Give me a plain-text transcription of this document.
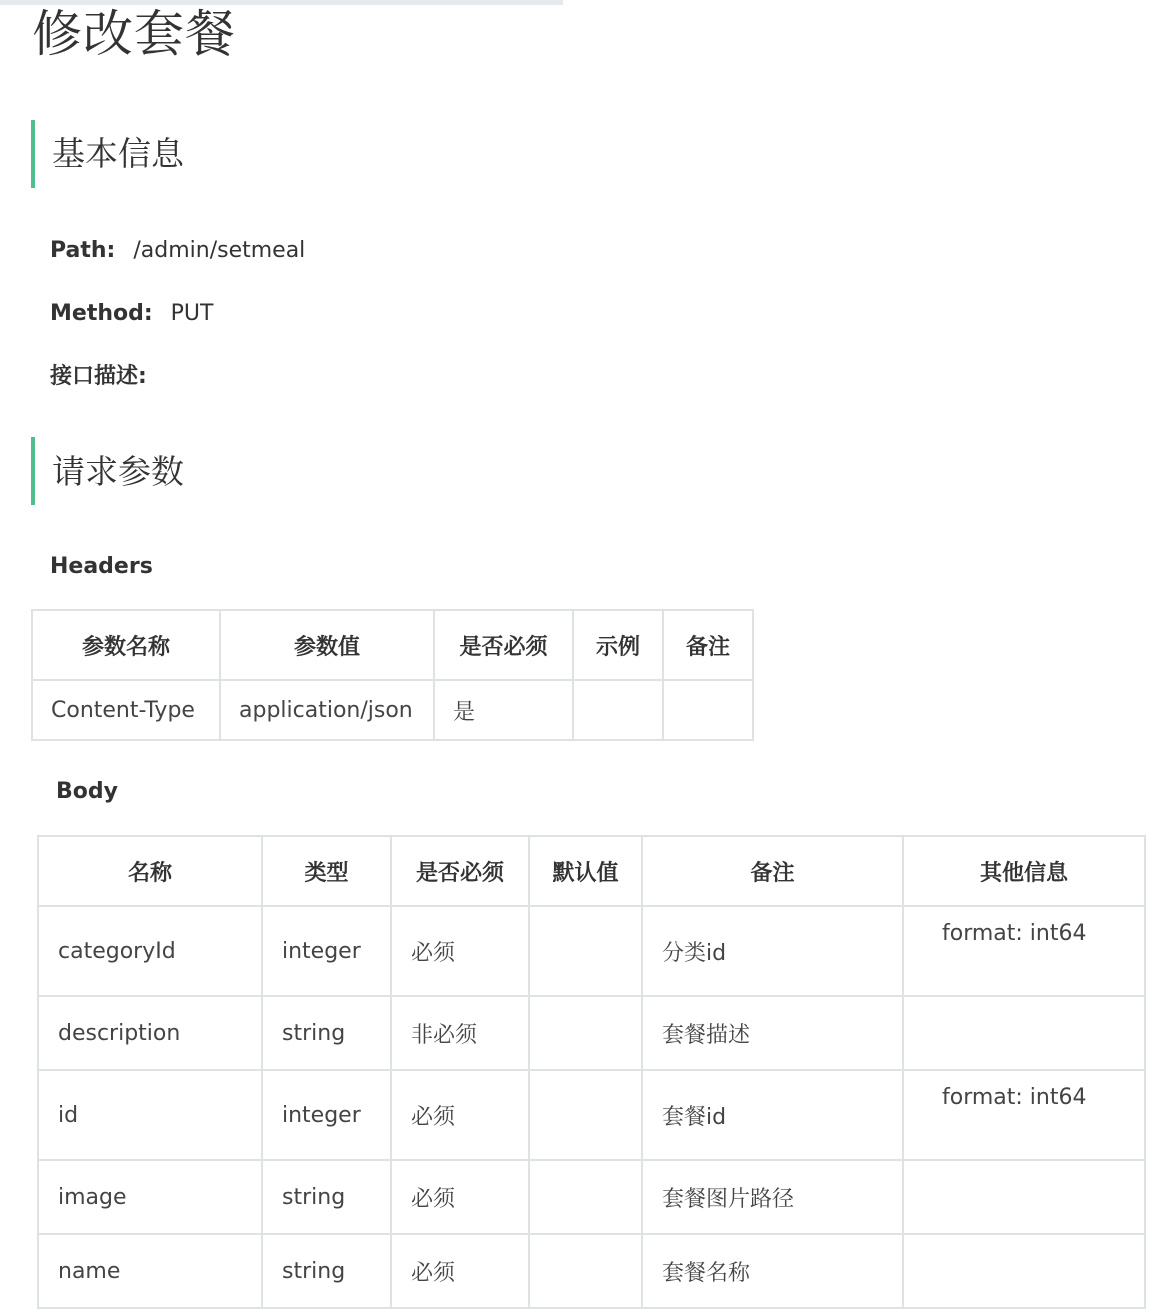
修改套餐
基本信息
Path: /admin/setmeal
Method: PUT
接口描述:
请求参数
Headers
参数名称	参数值	是否必须	示例	备注
Content-Type	application/json	是		
Body
名称	类型	是否必须	默认值	备注	其他信息
categoryId	integer	必须		分类id	format: int64
description	string	非必须		套餐描述	
id	integer	必须		套餐id	format: int64
image	string	必须		套餐图片路径	
name	string	必须		套餐名称	
